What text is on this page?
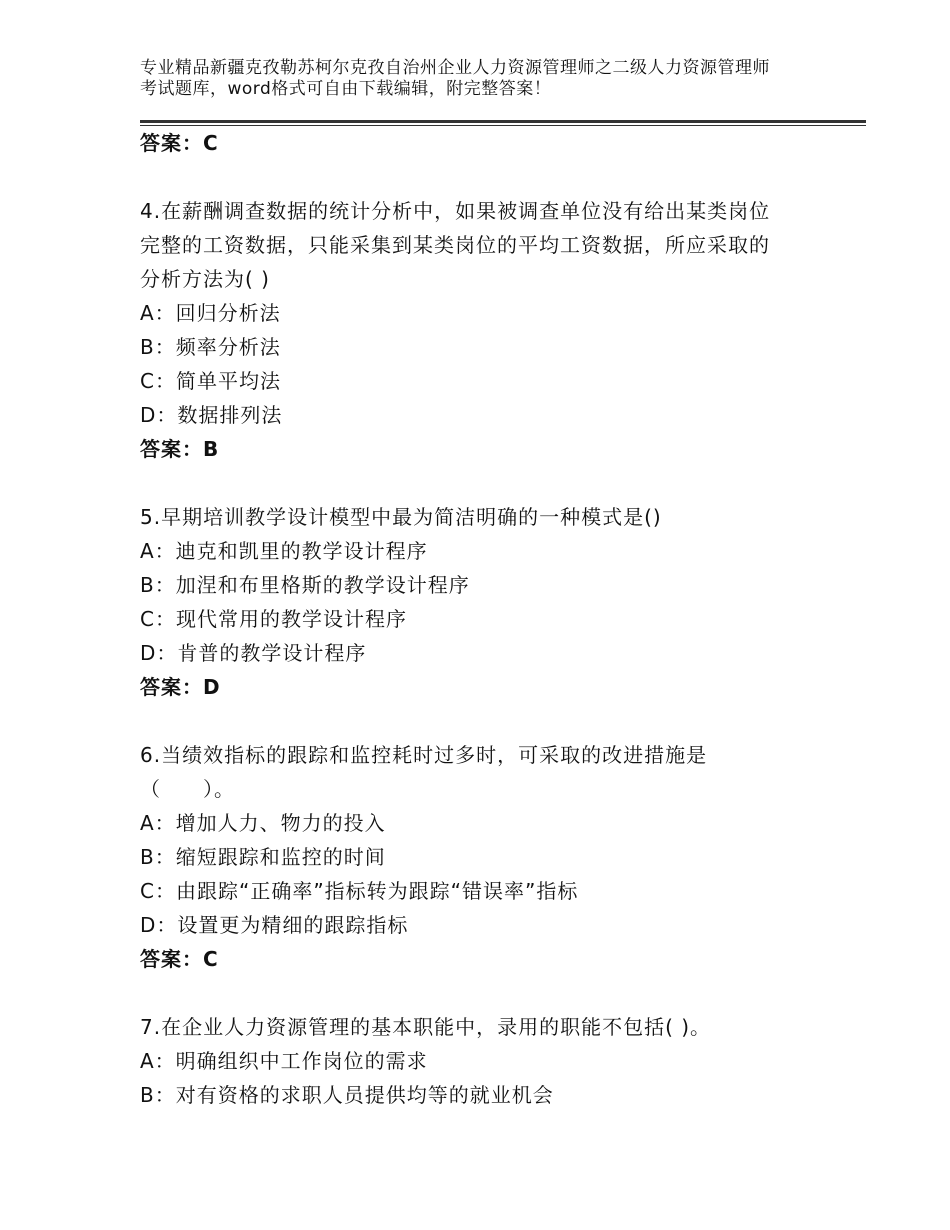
专业精品新疆克孜勒苏柯尔克孜自治州企业人力资源管理师之二级人力资源管理师
考试题库，word格式可自由下载编辑，附完整答案！
答案：C
4.在薪酬调查数据的统计分析中，如果被调查单位没有给出某类岗位
完整的工资数据，只能采集到某类岗位的平均工资数据，所应采取的
分析方法为( )
A：回归分析法
B：频率分析法
C：简单平均法
D：数据排列法
答案：B
5.早期培训教学设计模型中最为简洁明确的一种模式是()
A：迪克和凯里的教学设计程序
B：加涅和布里格斯的教学设计程序
C：现代常用的教学设计程序
D：肯普的教学设计程序
答案：D
6.当绩效指标的跟踪和监控耗时过多时，可采取的改进措施是
（　　）。
A：增加人力、物力的投入
B：缩短跟踪和监控的时间
C：由跟踪“正确率”指标转为跟踪“错误率”指标
D：设置更为精细的跟踪指标
答案：C
7.在企业人力资源管理的基本职能中，录用的职能不包括( )。
A：明确组织中工作岗位的需求
B：对有资格的求职人员提供均等的就业机会
